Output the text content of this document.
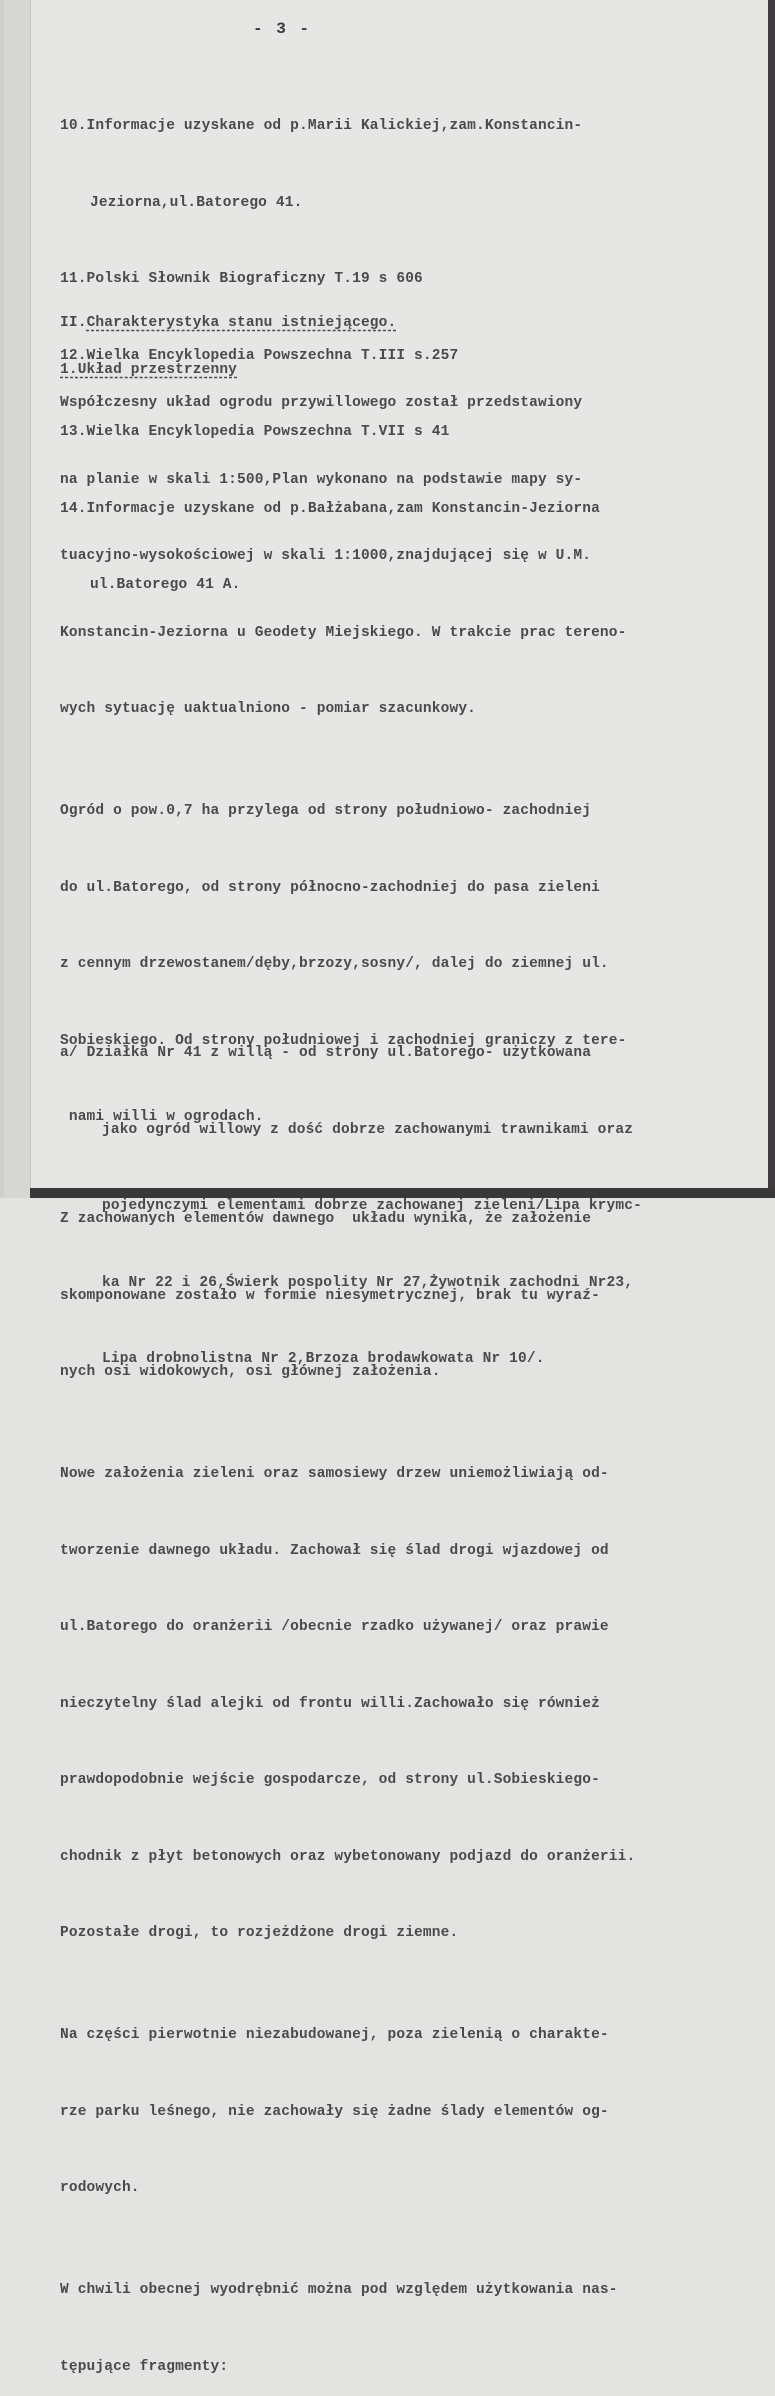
- 3 -

10.Informacje uzyskane od p.Marii Kalickiej,zam.Konstancin-

Jeziorna,ul.Batorego 41.

11.Polski Słownik Biograficzny T.19 s 606

12.Wielka Encyklopedia Powszechna T.III s.257

13.Wielka Encyklopedia Powszechna T.VII s 41

14.Informacje uzyskane od p.Bałżabana,zam Konstancin-Jeziorna

ul.Batorego 41 A.

II.Charakterystyka stanu istniejącego.

1.Układ przestrzenny

Współczesny układ ogrodu przywillowego został przedstawiony

na planie w skali 1:500,Plan wykonano na podstawie mapy sy-

tuacyjno-wysokościowej w skali 1:1000,znajdującej się w U.M.

Konstancin-Jeziorna u Geodety Miejskiego. W trakcie prac tereno-

wych sytuację uaktualniono - pomiar szacunkowy.

Ogród o pow.0,7 ha przylega od strony południowo- zachodniej

do ul.Batorego, od strony północno-zachodniej do pasa zieleni

z cennym drzewostanem/dęby,brzozy,sosny/, dalej do ziemnej ul.

Sobieskiego. Od strony południowej i zachodniej graniczy z tere-

nami willi w ogrodach.

Z zachowanych elementów dawnego  układu wynika, że założenie

skomponowane zostało w formie niesymetrycznej, brak tu wyraź-

nych osi widokowych, osi głównej założenia.

Nowe założenia zieleni oraz samosiewy drzew uniemożliwiają od-

tworzenie dawnego układu. Zachował się ślad drogi wjazdowej od

ul.Batorego do oranżerii /obecnie rzadko używanej/ oraz prawie

nieczytelny ślad alejki od frontu willi.Zachowało się również

prawdopodobnie wejście gospodarcze, od strony ul.Sobieskiego-

chodnik z płyt betonowych oraz wybetonowany podjazd do oranżerii.

Pozostałe drogi, to rozjeżdżone drogi ziemne.

Na części pierwotnie niezabudowanej, poza zielenią o charakte-

rze parku leśnego, nie zachowały się żadne ślady elementów og-

rodowych.

W chwili obecnej wyodrębnić można pod względem użytkowania nas-

tępujące fragmenty:

a/ Działka Nr 41 z willą - od strony ul.Batorego- użytkowana

jako ogród willowy z dość dobrze zachowanymi trawnikami oraz

pojedynczymi elementami dobrze zachowanej zieleni/Lipa krymс-

ka Nr 22 i 26,Świerk pospolity Nr 27,Żywotnik zachodni Nr23,

Lipa drobnolistna Nr 2,Brzoza brodawkowata Nr 10/.
